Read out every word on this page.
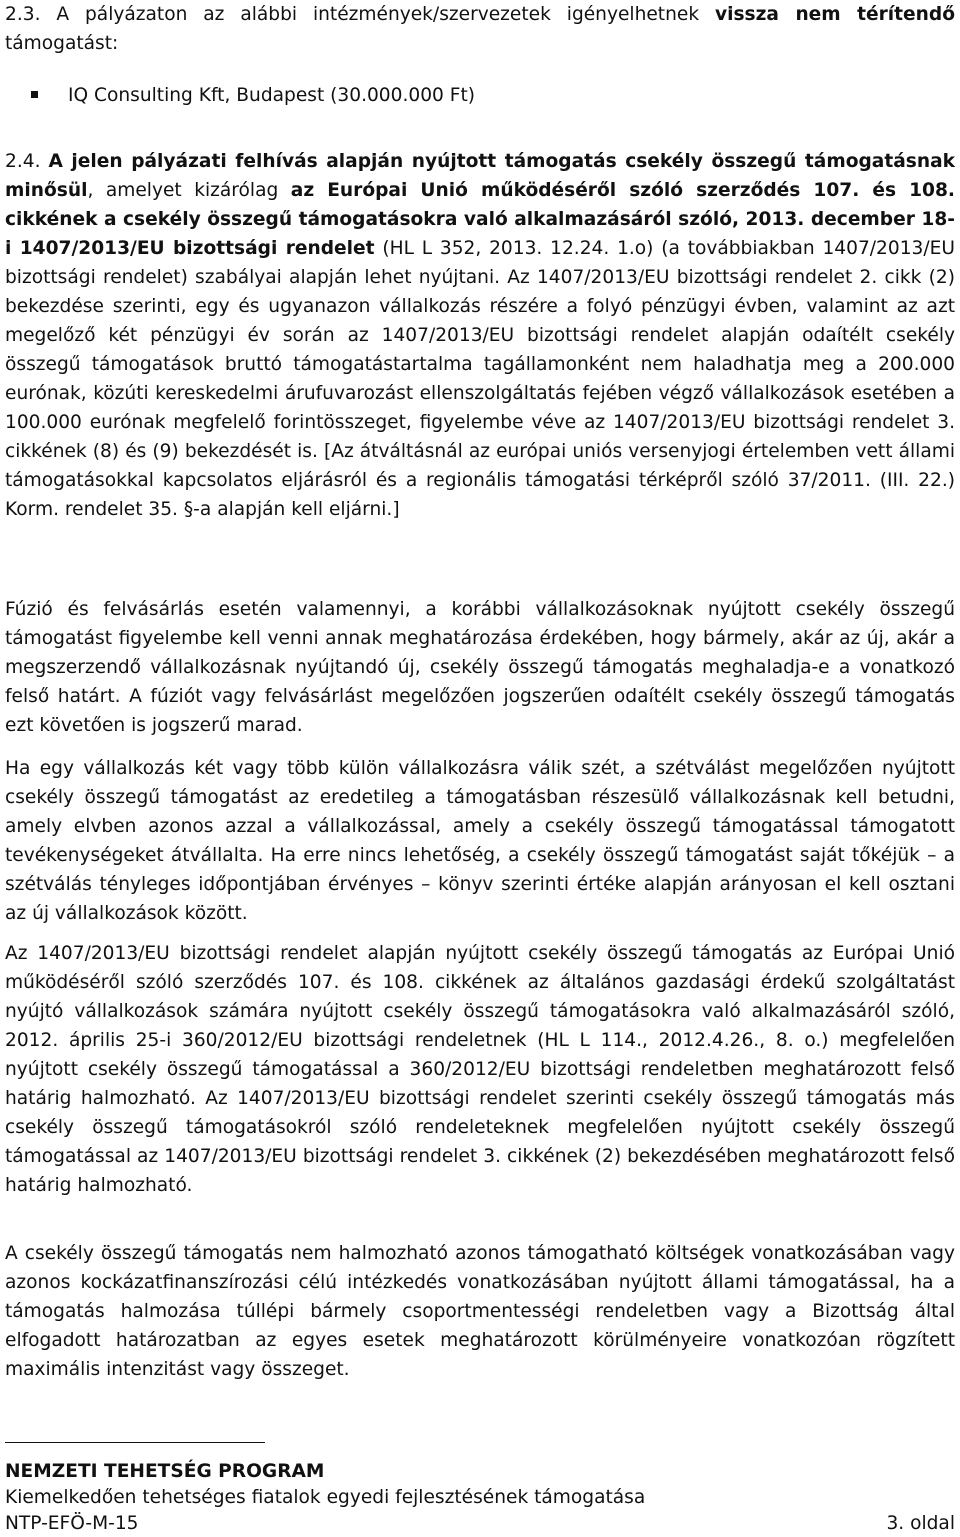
2.3. A pályázaton az alábbi intézmények/szervezetek igényelhetnek vissza nem térítendő támogatást:

IQ Consulting Kft, Budapest (30.000.000 Ft)

2.4. A jelen pályázati felhívás alapján nyújtott támogatás csekély összegű támogatásnak minősül, amelyet kizárólag az Európai Unió működéséről szóló szerződés 107. és 108. cikkének a csekély összegű támogatásokra való alkalmazásáról szóló, 2013. december 18-i 1407/2013/EU bizottsági rendelet (HL L 352, 2013. 12.24. 1.o) (a továbbiakban 1407/2013/EU bizottsági rendelet) szabályai alapján lehet nyújtani. Az 1407/2013/EU bizottsági rendelet 2. cikk (2) bekezdése szerinti, egy és ugyanazon vállalkozás részére a folyó pénzügyi évben, valamint az azt megelőző két pénzügyi év során az 1407/2013/EU bizottsági rendelet alapján odaítélt csekély összegű támogatások bruttó támogatástartalma tagállamonként nem haladhatja meg a 200.000 eurónak, közúti kereskedelmi árufuvarozást ellenszolgáltatás fejében végző vállalkozások esetében a 100.000 eurónak megfelelő forintösszeget, figyelembe véve az 1407/2013/EU bizottsági rendelet 3. cikkének (8) és (9) bekezdését is. [Az átváltásnál az európai uniós versenyjogi értelemben vett állami támogatásokkal kapcsolatos eljárásról és a regionális támogatási térképről szóló 37/2011. (III. 22.) Korm. rendelet 35. §-a alapján kell eljárni.]

Fúzió és felvásárlás esetén valamennyi, a korábbi vállalkozásoknak nyújtott csekély összegű támogatást figyelembe kell venni annak meghatározása érdekében, hogy bármely, akár az új, akár a megszerzendő vállalkozásnak nyújtandó új, csekély összegű támogatás meghaladja-e a vonatkozó felső határt. A fúziót vagy felvásárlást megelőzően jogszerűen odaítélt csekély összegű támogatás ezt követően is jogszerű marad.

Ha egy vállalkozás két vagy több külön vállalkozásra válik szét, a szétválást megelőzően nyújtott csekély összegű támogatást az eredetileg a támogatásban részesülő vállalkozásnak kell betudni, amely elvben azonos azzal a vállalkozással, amely a csekély összegű támogatással támogatott tevékenységeket átvállalta. Ha erre nincs lehetőség, a csekély összegű támogatást saját tőkéjük – a szétválás tényleges időpontjában érvényes – könyv szerinti értéke alapján arányosan el kell osztani az új vállalkozások között.

Az 1407/2013/EU bizottsági rendelet alapján nyújtott csekély összegű támogatás az Európai Unió működéséről szóló szerződés 107. és 108. cikkének az általános gazdasági érdekű szolgáltatást nyújtó vállalkozások számára nyújtott csekély összegű támogatásokra való alkalmazásáról szóló, 2012. április 25-i 360/2012/EU bizottsági rendeletnek (HL L 114., 2012.4.26., 8. o.) megfelelően nyújtott csekély összegű támogatással a 360/2012/EU bizottsági rendeletben meghatározott felső határig halmozható. Az 1407/2013/EU bizottsági rendelet szerinti csekély összegű támogatás más csekély összegű támogatásokról szóló rendeleteknek megfelelően nyújtott csekély összegű támogatással az 1407/2013/EU bizottsági rendelet 3. cikkének (2) bekezdésében meghatározott felső határig halmozható.

A csekély összegű támogatás nem halmozható azonos támogatható költségek vonatkozásában vagy azonos kockázatfinanszírozási célú intézkedés vonatkozásában nyújtott állami támogatással, ha a támogatás halmozása túllépi bármely csoportmentességi rendeletben vagy a Bizottság által elfogadott határozatban az egyes esetek meghatározott körülményeire vonatkozóan rögzített maximális intenzitást vagy összeget.

NEMZETI TEHETSÉG PROGRAM
Kiemelkedően tehetséges fiatalok egyedi fejlesztésének támogatása
NTP-EFÖ-M-15	3. oldal
